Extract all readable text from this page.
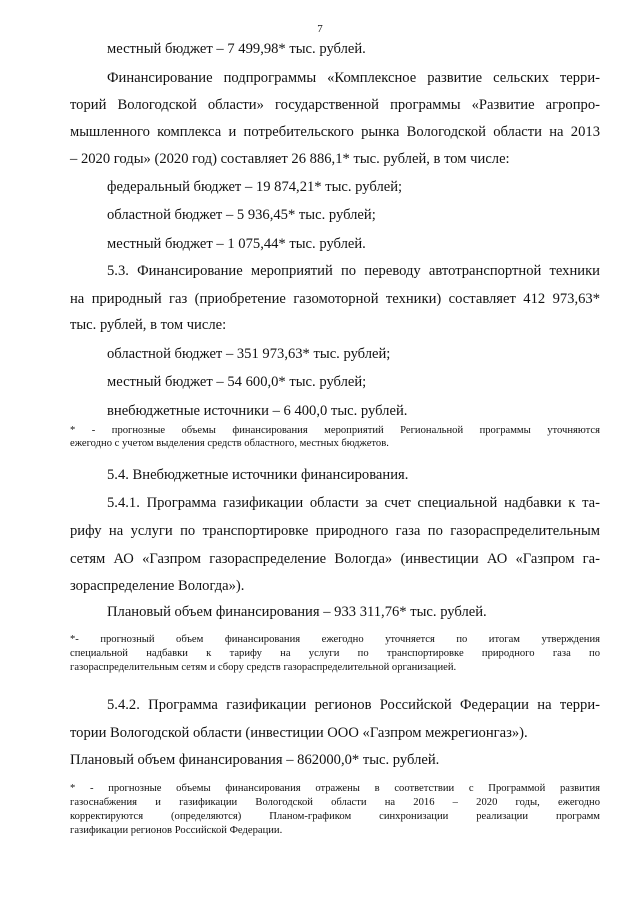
7
местный бюджет – 7 499,98* тыс. рублей.
Финансирование подпрограммы «Комплексное развитие сельских терри-
торий Вологодской области» государственной программы «Развитие агропро-
мышленного комплекса и потребительского рынка Вологодской области на 2013
– 2020 годы» (2020 год) составляет 26 886,1* тыс. рублей, в том числе:
федеральный бюджет – 19 874,21* тыс. рублей;
областной бюджет – 5 936,45* тыс. рублей;
местный бюджет – 1 075,44* тыс. рублей.
5.3. Финансирование мероприятий по переводу автотранспортной техники
на природный газ (приобретение газомоторной техники) составляет 412 973,63*
тыс. рублей, в том числе:
областной бюджет – 351 973,63* тыс. рублей;
местный бюджет – 54 600,0* тыс. рублей;
внебюджетные источники – 6 400,0 тыс. рублей.
* - прогнозные объемы финансирования мероприятий Региональной программы уточняются
ежегодно с учетом выделения средств областного, местных бюджетов.
5.4. Внебюджетные источники финансирования.
5.4.1. Программа газификации области за счет специальной надбавки к та-
рифу на услуги по транспортировке природного газа по газораспределительным
сетям АО «Газпром газораспределение Вологда» (инвестиции АО «Газпром га-
зораспределение Вологда»).
Плановый объем финансирования – 933 311,76* тыс. рублей.
*- прогнозный объем финансирования ежегодно уточняется по итогам утверждения
специальной надбавки к тарифу на услуги по транспортировке природного газа по
газораспределительным сетям и сбору средств газораспределительной организацией.
5.4.2. Программа газификации регионов Российской Федерации на терри-
тории Вологодской области (инвестиции ООО «Газпром межрегионгаз»).
Плановый объем финансирования – 862000,0* тыс. рублей.
* - прогнозные объемы финансирования отражены в соответствии с Программой развития
газоснабжения и газификации Вологодской области на 2016 – 2020 годы, ежегодно
корректируются (определяются) Планом-графиком синхронизации реализации программ
газификации регионов Российской Федерации.
